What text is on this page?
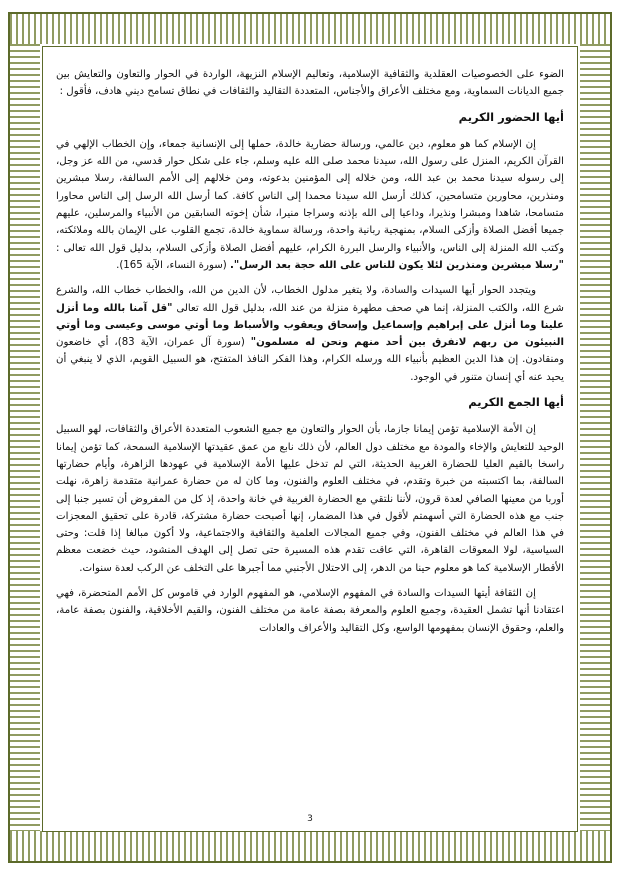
الضوء على الخصوصيات العقلدية والثقافية الإسلامية، وتعاليم الإسلام النزيهة، الواردة في الحوار والتعاون والتعايش بين جميع الديانات السماوية، ومع مختلف الأعراق والأجناس، المتعددة التقاليد والثقافات في نطاق تسامح ديني هادف، فأقول :

أيها الحضور الكريم

إن الإسلام كما هو معلوم، دين عالمي، ورسالة حضارية خالدة، حملها إلى الإنسانية جمعاء، وإن الخطاب الإلهي في القرآن الكريم، المنزل على رسول الله، سيدنا محمد صلى الله عليه وسلم، جاء على شكل حوار قدسي، من الله عز وجل، إلى رسوله سيدنا محمد بن عبد الله، ومن خلاله إلى المؤمنين بدعوته، ومن خلالهم إلى الأمم السالفة، رسلا مبشرين ومنذرين، محاورين متسامحين، كذلك أرسل الله سيدنا محمدا إلى الناس كافة. كما أرسل الله الرسل إلى الناس محاورا متسامحا، شاهدا ومبشرا ونذيرا، وداعيا إلى الله بإذنه وسراجا منيرا، شأن إخوته السابقين من الأنبياء والمرسلين، عليهم جميعا أفضل الصلاة وأزكى السلام، بمنهجية ربانية واحدة، ورسالة سماوية خالدة، تجمع القلوب على الإيمان بالله وملائكته، وكتب الله المنزلة إلى الناس، والأنبياء والرسل البررة الكرام، عليهم أفضل الصلاة وأزكى السلام، بدليل قول الله تعالى : "رسلا مبشرين ومنذرين لئلا يكون للناس على الله حجة بعد الرسل". (سورة النساء، الآية 165).

ويتجدد الحوار أيها السيدات والسادة، ولا يتغير مدلول الخطاب، لأن الدين من الله، والخطاب خطاب الله، والشرع شرع الله، والكتب المنزلة، إنما هي صحف مطهرة منزلة من عند الله، بدليل قول الله تعالى "قل آمنا بالله وما أنزل علينا وما أنزل على إبراهيم وإسماعيل وإسحاق ويعقوب والأسباط وما أوتي موسى وعيسى وما أوتي النبيئون من ربهم لانفرق بين أحد منهم ونحن له مسلمون" (سورة آل عمران، الآية 83)، أي خاضعون ومنقادون. إن هذا الدين العظيم بأنبياء الله ورسله الكرام، وهذا الفكر النافذ المتفتح، هو السبيل القويم، الذي لا ينبغي أن يحيد عنه أي إنسان متنور في الوجود.

أيها الجمع الكريم

إن الأمة الإسلامية تؤمن إيمانا جازما، بأن الحوار والتعاون مع جميع الشعوب المتعددة الأعراق والثقافات، لهو السبيل الوحيد للتعايش والإخاء والمودة مع مختلف دول العالم، لأن ذلك نابع من عمق عقيدتها الإسلامية السمحة، كما تؤمن إيمانا راسخا بالقيم العليا للحضارة الغربية الحديثة، التي لم تدخل عليها الأمة الإسلامية في عهودها الزاهرة، وأيام حضارتها السالفة، بما اكتسبته من خبرة وتقدم، في مختلف العلوم والفنون، وما كان له من حضارة عمرانية متقدمة زاهرة، نهلت أوربا من معينها الصافي لعدة قرون، لأننا نلتقي مع الحضارة الغربية في خانة واحدة، إذ كل من المفروض أن تسير جنبا إلى جنب مع هذه الحضارة التي أسهمتم لأقول في هذا المضمار، إنها أصبحت حضارة مشتركة، قادرة على تحقيق المعجزات في هذا العالم في مختلف الفنون، وفي جميع المجالات العلمية والثقافية والاجتماعية، ولا أكون مبالغا إذا قلت: وحتى السياسية، لولا المعوقات القاهرة، التي عاقت تقدم هذه المسيرة حتى تصل إلى الهدف المنشود، حيث خضعت معظم الأقطار الإسلامية كما هو معلوم حينا من الدهر، إلى الاحتلال الأجنبي مما أجبرها على التخلف عن الركب لعدة سنوات.

إن الثقافة أيتها السيدات والسادة في المفهوم الإسلامي، هو المفهوم الوارد في قاموس كل الأمم المتحضرة، فهي اعتقادنا أنها تشمل العقيدة، وجميع العلوم والمعرفة بصفة عامة من مختلف الفنون، والقيم الأخلاقية، والفنون بصفة عامة، والعلم، وحقوق الإنسان بمفهومها الواسع، وكل التقاليد والأعراف والعادات

3
